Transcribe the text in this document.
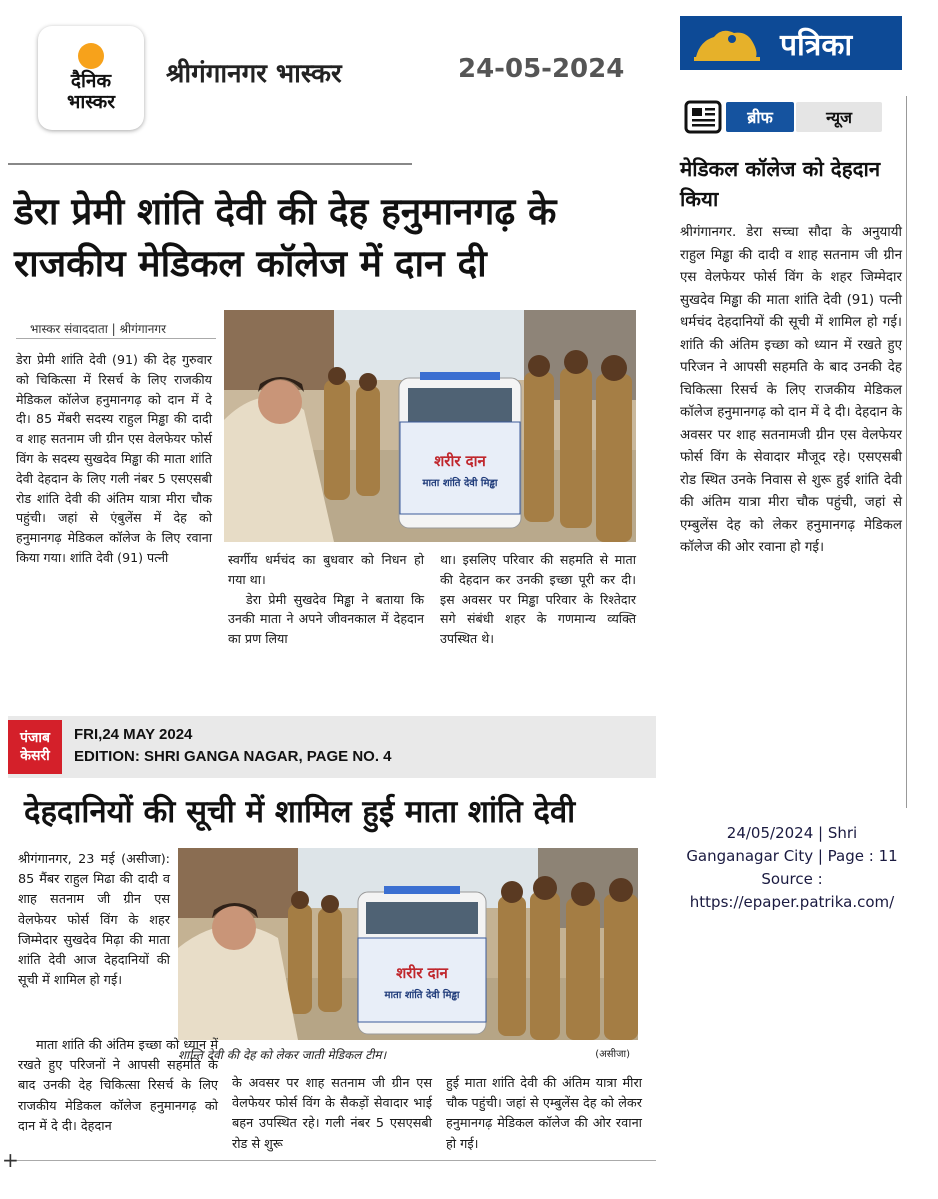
दैनिक
भास्कर
श्रीगंगानगर भास्कर	24-05-2024
डेरा प्रेमी शांति देवी की देह हनुमानगढ़ के राजकीय मेडिकल कॉलेज में दान दी
भास्कर संवाददाता | श्रीगंगानगर
डेरा प्रेमी शांति देवी (91) की देह गुरुवार को चिकित्सा में रिसर्च के लिए राजकीय मेडिकल कॉलेज हनुमानगढ़ को दान में दे दी। 85 मेंबरी सदस्य राहुल मिड्ढा की दादी व शाह सतनाम जी ग्रीन एस वेलफेयर फोर्स विंग के सदस्य सुखदेव मिड्ढा की माता शांति देवी देहदान के लिए गली नंबर 5 एसएसबी रोड शांति देवी की अंतिम यात्रा मीरा चौक पहुंची। जहां से एंबुलेंस में देह को हनुमानगढ़ मेडिकल कॉलेज के लिए रवाना किया गया। शांति देवी (91) पत्नी
शरीर दान
माता शांति देवी मिड्ढा
स्वर्गीय धर्मचंद का बुधवार को निधन हो गया था।
डेरा प्रेमी सुखदेव मिड्ढा ने बताया कि उनकी माता ने अपने जीवनकाल में देहदान का प्रण लिया
था। इसलिए परिवार की सहमति से माता की देहदान कर उनकी इच्छा पूरी कर दी। इस अवसर पर मिड्ढा परिवार के रिश्तेदार सगे संबंधी शहर के गणमान्य व्यक्ति उपस्थित थे।
पत्रिका
ब्रीफ	न्यूज
मेडिकल कॉलेज को देहदान किया
श्रीगंगानगर. डेरा सच्चा सौदा के अनुयायी राहुल मिड्ढा की दादी व शाह सतनाम जी ग्रीन एस वेलफेयर फोर्स विंग के शहर जिम्मेदार सुखदेव मिड्ढा की माता शांति देवी (91) पत्नी धर्मचंद देहदानियों की सूची में शामिल हो गई। शांति की अंतिम इच्छा को ध्यान में रखते हुए परिजन ने आपसी सहमति के बाद उनकी देह चिकित्सा रिसर्च के लिए राजकीय मेडिकल कॉलेज हनुमानगढ़ को दान में दे दी। देहदान के अवसर पर शाह सतनामजी ग्रीन एस वेलफेयर फोर्स विंग के सेवादार मौजूद रहे। एसएसबी रोड स्थित उनके निवास से शुरू हुई शांति देवी की अंतिम यात्रा मीरा चौक पहुंची, जहां से एम्बुलेंस देह को लेकर हनुमानगढ़ मेडिकल कॉलेज की ओर रवाना हो गई।
24/05/2024 | Shri
Ganganagar City | Page : 11
Source :
https://epaper.patrika.com/
पंजाब
केसरी
FRI,24 MAY 2024
EDITION: SHRI GANGA NAGAR, PAGE NO. 4
देहदानियों की सूची में शामिल हुई माता शांति देवी
श्रीगंगानगर, 23 मई (असीजा): 85 मैंबर राहुल मिढा की दादी व शाह सतनाम जी ग्रीन एस वेलफेयर फोर्स विंग के शहर जिम्मेदार सुखदेव मिढ़ा की माता शांति देवी आज देहदानियों की सूची में शामिल हो गई।	शरीर दान
माता शांति देवी मिड्ढा
शान्ति देवी की देह को लेकर जाती मेडिकल टीम।	(असीजा)
माता शांति की अंतिम इच्छा को ध्यान में रखते हुए परिजनों ने आपसी सहमति के बाद उनकी देह चिकित्सा रिसर्च के लिए राजकीय मेडिकल कॉलेज हनुमानगढ़ को दान में दे दी। देहदान
के अवसर पर शाह सतनाम जी ग्रीन एस वेलफेयर फोर्स विंग के सैकड़ों सेवादार भाई बहन उपस्थित रहे। गली नंबर 5 एसएसबी रोड से शुरू
हुई माता शांति देवी की अंतिम यात्रा मीरा चौक पहुंची। जहां से एम्बुलेंस देह को लेकर हनुमानगढ़ मेडिकल कॉलेज की ओर रवाना हो गई।
+
